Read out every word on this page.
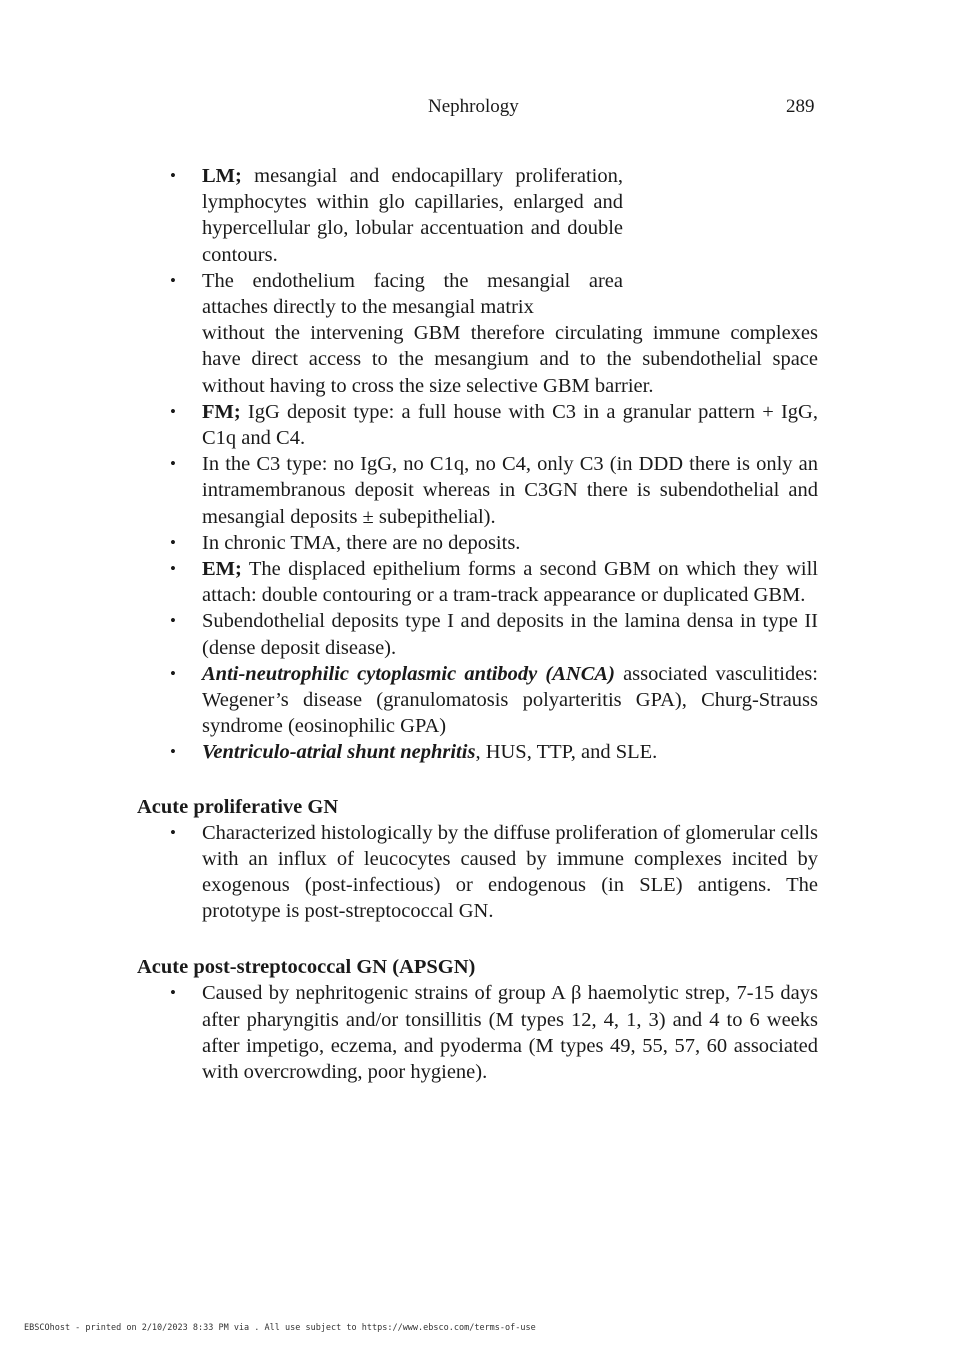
Nephrology	289
• LM; mesangial and endocapillary proliferation, lymphocytes within glo capillaries, enlarged and hypercellular glo, lobular accentuation and double contours.
• The endothelium facing the mesangial area attaches directly to the mesangial matrix
without the intervening GBM therefore circulating immune complexes have direct access to the mesangium and to the subendothelial space without having to cross the size selective GBM barrier.
• FM; IgG deposit type: a full house with C3 in a granular pattern + IgG, C1q and C4.
• In the C3 type: no IgG, no C1q, no C4, only C3 (in DDD there is only an intramembranous deposit whereas in C3GN there is subendothelial and mesangial deposits ± subepithelial).
• In chronic TMA, there are no deposits.
• EM; The displaced epithelium forms a second GBM on which they will attach: double contouring or a tram-track appearance or duplicated GBM.
• Subendothelial deposits type I and deposits in the lamina densa in type II (dense deposit disease).
• Anti-neutrophilic cytoplasmic antibody (ANCA) associated vasculitides: Wegener’s disease (granulomatosis polyarteritis GPA), Churg-Strauss syndrome (eosinophilic GPA)
• Ventriculo-atrial shunt nephritis, HUS, TTP, and SLE.
Acute proliferative GN
• Characterized histologically by the diffuse proliferation of glomerular cells with an influx of leucocytes caused by immune complexes incited by exogenous (post-infectious) or endogenous (in SLE) antigens. The prototype is post-streptococcal GN.
Acute post-streptococcal GN (APSGN)
• Caused by nephritogenic strains of group A β haemolytic strep, 7-15 days after pharyngitis and/or tonsillitis (M types 12, 4, 1, 3) and 4 to 6 weeks after impetigo, eczema, and pyoderma (M types 49, 55, 57, 60 associated with overcrowding, poor hygiene).
EBSCOhost - printed on 2/10/2023 8:33 PM via . All use subject to https://www.ebsco.com/terms-of-use
